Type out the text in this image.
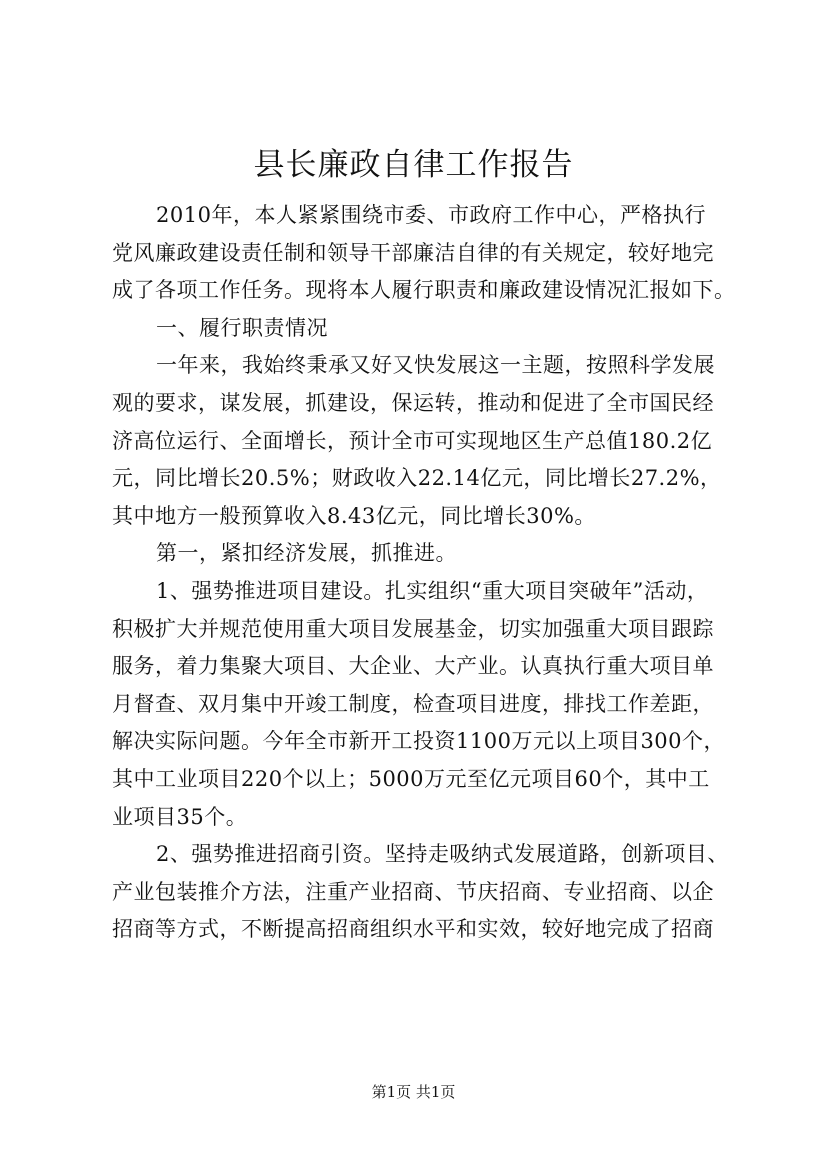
县长廉政自律工作报告
2010年，本人紧紧围绕市委、市政府工作中心，严格执行
党风廉政建设责任制和领导干部廉洁自律的有关规定，较好地完
成了各项工作任务。现将本人履行职责和廉政建设情况汇报如下。
一、履行职责情况
一年来，我始终秉承又好又快发展这一主题，按照科学发展
观的要求，谋发展，抓建设，保运转，推动和促进了全市国民经
济高位运行、全面增长，预计全市可实现地区生产总值180.2亿
元，同比增长20.5%；财政收入22.14亿元，同比增长27.2%，
其中地方一般预算收入8.43亿元，同比增长30%。
第一，紧扣经济发展，抓推进。
1、强势推进项目建设。扎实组织“重大项目突破年”活动，
积极扩大并规范使用重大项目发展基金，切实加强重大项目跟踪
服务，着力集聚大项目、大企业、大产业。认真执行重大项目单
月督查、双月集中开竣工制度，检查项目进度，排找工作差距，
解决实际问题。今年全市新开工投资1100万元以上项目300个，
其中工业项目220个以上；5000万元至亿元项目60个，其中工
业项目35个。
2、强势推进招商引资。坚持走吸纳式发展道路，创新项目、
产业包装推介方法，注重产业招商、节庆招商、专业招商、以企
招商等方式，不断提高招商组织水平和实效，较好地完成了招商
第1页 共1页
